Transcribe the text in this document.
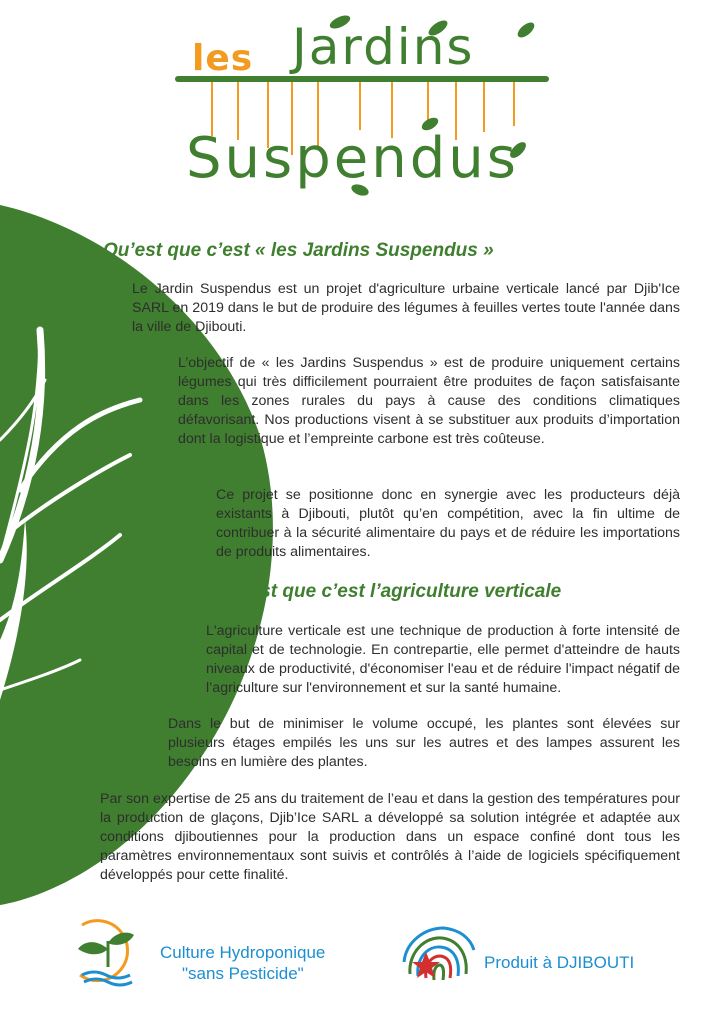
les Jardins
Suspendus
Qu’est que c’est « les Jardins Suspendus »

Le Jardin Suspendus est un projet d'agriculture urbaine verticale lancé par Djib'Ice SARL en 2019 dans le but de produire des légumes à feuilles vertes toute l'année dans la ville de Djibouti.

L’objectif de « les Jardins Suspendus » est de produire uniquement certains légumes qui très difficilement pourraient être produites de façon satisfaisante dans les zones rurales du pays à cause des conditions climatiques défavorisant. Nos productions visent à se substituer aux produits d’importation dont la logistique et l’empreinte carbone est très coûteuse.

Ce projet se positionne donc en synergie avec les producteurs déjà existants à Djibouti, plutôt qu’en compétition, avec la fin ultime de contribuer à la sécurité alimentaire du pays et de réduire les importations de produits alimentaires.

Qu’est que c’est l’agriculture verticale

L'agriculture verticale est une technique de production à forte intensité de capital et de technologie. En contrepartie, elle permet d'atteindre de hauts niveaux de productivité, d'économiser l'eau et de réduire l'impact négatif de l’agriculture sur l'environnement et sur la santé humaine.

Dans le but de minimiser le volume occupé, les plantes sont élevées sur plusieurs étages empilés les uns sur les autres et des lampes assurent les besoins en lumière des plantes.

Par son expertise de 25 ans du traitement de l’eau et dans la gestion des températures pour la production de glaçons, Djib’Ice SARL a développé sa solution intégrée et adaptée aux conditions djiboutiennes pour la production dans un espace confiné dont tous les paramètres environnementaux sont suivis et contrôlés à l’aide de logiciels spécifiquement développés pour cette finalité.

Culture Hydroponique
"sans Pesticide"
Produit à DJIBOUTI
